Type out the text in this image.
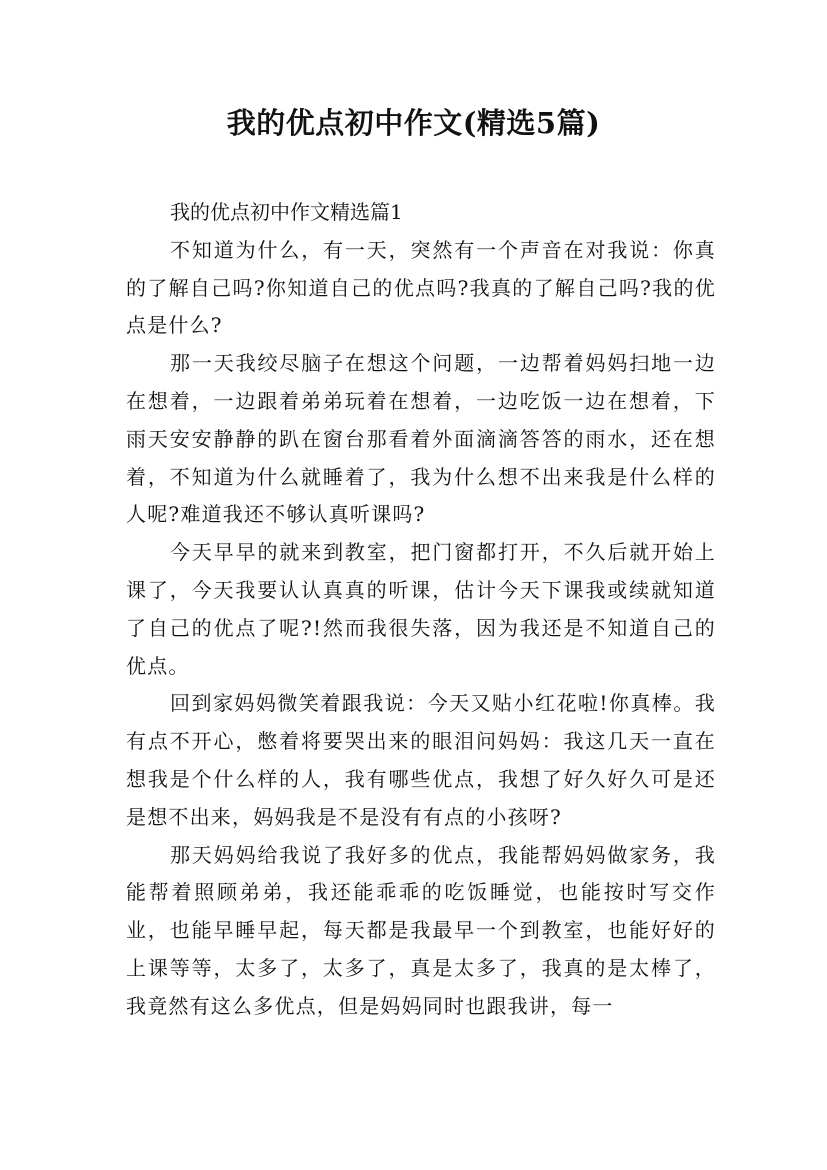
我的优点初中作文(精选5篇)

我的优点初中作文精选篇1

不知道为什么，有一天，突然有一个声音在对我说：你真的了解自己吗?你知道自己的优点吗?我真的了解自己吗?我的优点是什么?

那一天我绞尽脑子在想这个问题，一边帮着妈妈扫地一边在想着，一边跟着弟弟玩着在想着，一边吃饭一边在想着，下雨天安安静静的趴在窗台那看着外面滴滴答答的雨水，还在想着，不知道为什么就睡着了，我为什么想不出来我是什么样的人呢?难道我还不够认真听课吗?

今天早早的就来到教室，把门窗都打开，不久后就开始上课了，今天我要认认真真的听课，估计今天下课我或续就知道了自己的优点了呢?!然而我很失落，因为我还是不知道自己的优点。

回到家妈妈微笑着跟我说：今天又贴小红花啦!你真棒。我有点不开心，憋着将要哭出来的眼泪问妈妈：我这几天一直在想我是个什么样的人，我有哪些优点，我想了好久好久可是还是想不出来，妈妈我是不是没有有点的小孩呀?

那天妈妈给我说了我好多的优点，我能帮妈妈做家务，我能帮着照顾弟弟，我还能乖乖的吃饭睡觉，也能按时写交作业，也能早睡早起，每天都是我最早一个到教室，也能好好的上课等等，太多了，太多了，真是太多了，我真的是太棒了，我竟然有这么多优点，但是妈妈同时也跟我讲，每一
